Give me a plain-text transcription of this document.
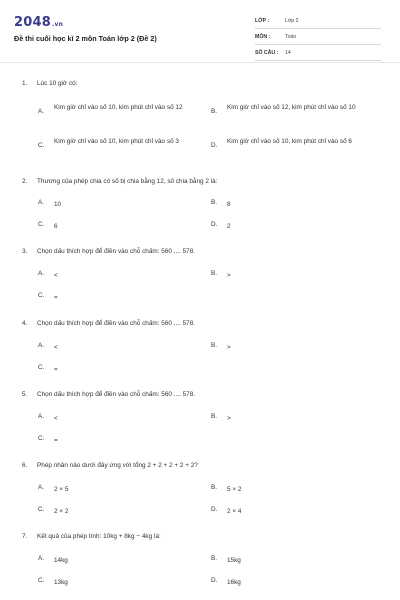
2048.vn
Đề thi cuối học kì 2 môn Toán lớp 2 (Đề 2)
LỚP :	Lớp 2
MÔN :	Toán
SỐ CÂU :	14
1. Lúc 10 giờ có:
A.
Kim giờ chỉ vào số 10, kim phút chỉ vào số 12
B.
Kim giờ chỉ vào số 12, kim phút chỉ vào số 10
C.
Kim giờ chỉ vào số 10, kim phút chỉ vào số 3
D.
Kim giờ chỉ vào số 10, kim phút chỉ vào số 6
2. Thương của phép chia có số bị chia bằng 12, số chia bằng 2 là:
A. 10	B. 8
C. 6	D. 2
3. Chọn dấu thích hợp để điền vào chỗ chấm: 560 .... 578.
A. <	B. >
C. =
4. Chọn dấu thích hợp để điền vào chỗ chấm: 560 .... 578.
A. <	B. >
C. =
5. Chọn dấu thích hợp để điền vào chỗ chấm: 560 .... 578.
A. <	B. >
C. =
6. Phép nhân nào dưới đây ứng với tổng 2 + 2 + 2 + 2 + 2?
A. 2 × 5	B. 5 × 2
C. 2 × 2	D. 2 × 4
7. Kết quả của phép tính: 10kg + 8kg − 4kg là:
A. 14kg	B. 15kg
C. 13kg	D. 16kg
